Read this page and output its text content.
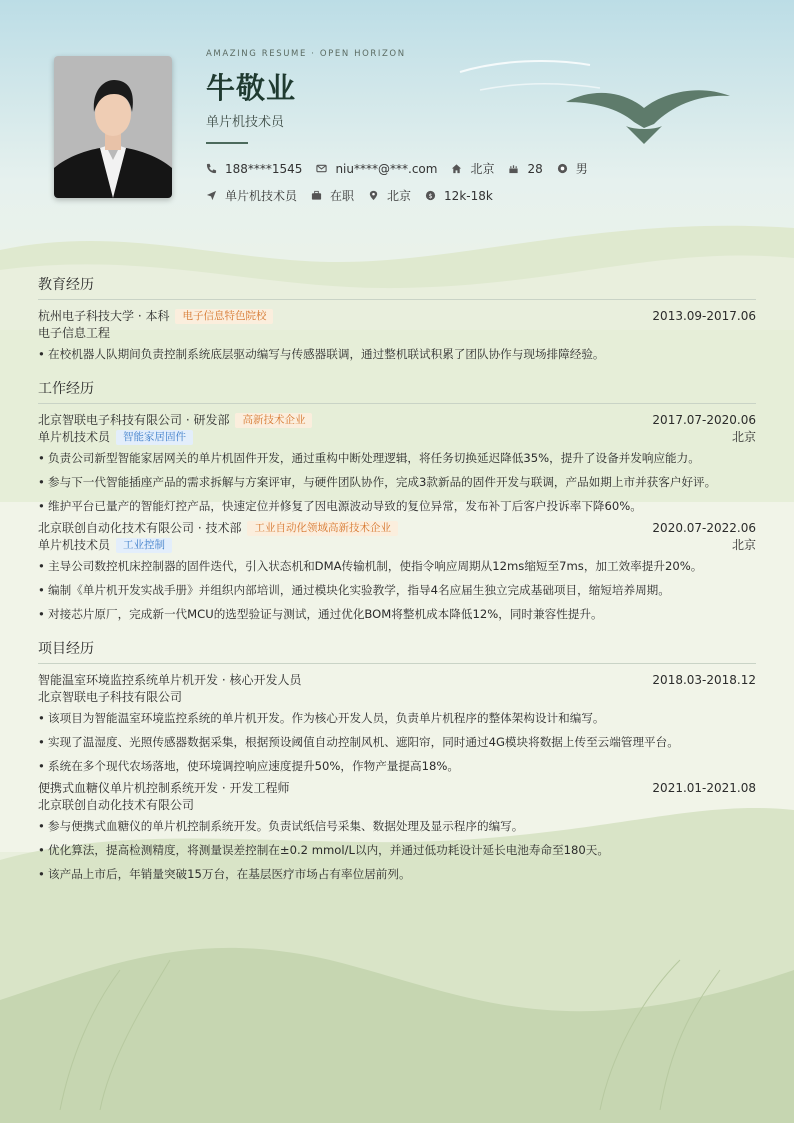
AMAZING RESUME · OPEN HORIZON
牛敬业
单片机技术员
188****1545	niu****@***.com	北京	28	男
单片机技术员	在职	北京 $ 12k-18k
教育经历
杭州电子科技大学 · 本科 电子信息特色院校	2013.09-2017.06
电子信息工程
• 在校机器人队期间负责控制系统底层驱动编写与传感器联调，通过整机联试积累了团队协作与现场排障经验。
工作经历
北京智联电子科技有限公司 · 研发部 高新技术企业	2017.07-2020.06
单片机技术员 智能家居固件	北京
• 负责公司新型智能家居网关的单片机固件开发，通过重构中断处理逻辑，将任务切换延迟降低35%，提升了设备并发响应能力。
• 参与下一代智能插座产品的需求拆解与方案评审，与硬件团队协作，完成3款新品的固件开发与联调，产品如期上市并获客户好评。
• 维护平台已量产的智能灯控产品，快速定位并修复了因电源波动导致的复位异常，发布补丁后客户投诉率下降60%。
北京联创自动化技术有限公司 · 技术部 工业自动化领域高新技术企业	2020.07-2022.06
单片机技术员 工业控制	北京
• 主导公司数控机床控制器的固件迭代，引入状态机和DMA传输机制，使指令响应周期从12ms缩短至7ms，加工效率提升20%。
• 编制《单片机开发实战手册》并组织内部培训，通过模块化实验教学，指导4名应届生独立完成基础项目，缩短培养周期。
• 对接芯片原厂，完成新一代MCU的选型验证与测试，通过优化BOM将整机成本降低12%，同时兼容性提升。
项目经历
智能温室环境监控系统单片机开发 · 核心开发人员	2018.03-2018.12
北京智联电子科技有限公司
• 该项目为智能温室环境监控系统的单片机开发。作为核心开发人员，负责单片机程序的整体架构设计和编写。
• 实现了温湿度、光照传感器数据采集，根据预设阈值自动控制风机、遮阳帘，同时通过4G模块将数据上传至云端管理平台。
• 系统在多个现代农场落地，使环境调控响应速度提升50%，作物产量提高18%。
便携式血糖仪单片机控制系统开发 · 开发工程师	2021.01-2021.08
北京联创自动化技术有限公司
• 参与便携式血糖仪的单片机控制系统开发。负责试纸信号采集、数据处理及显示程序的编写。
• 优化算法，提高检测精度，将测量误差控制在±0.2 mmol/L以内，并通过低功耗设计延长电池寿命至180天。
• 该产品上市后，年销量突破15万台，在基层医疗市场占有率位居前列。
